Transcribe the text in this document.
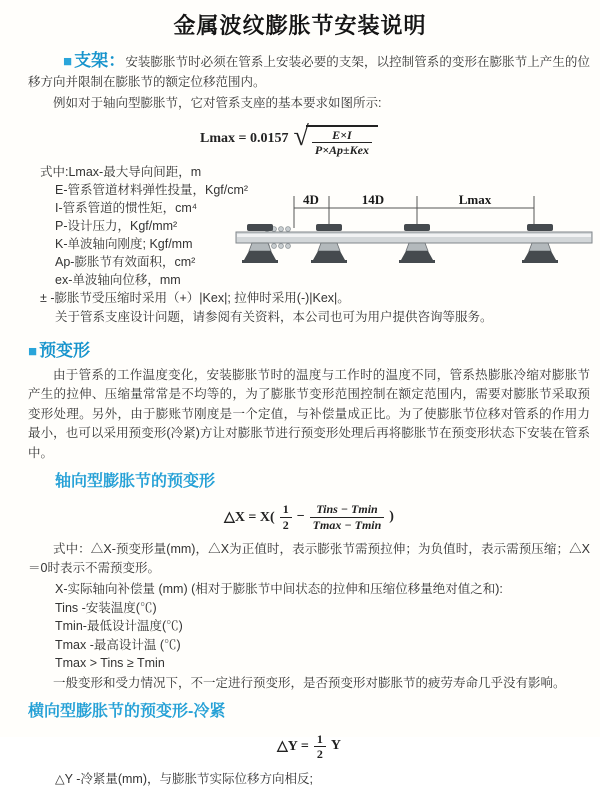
金属波纹膨胀节安装说明

■ 支架：安装膨胀节时必须在管系上安装必要的支架，以控制管系的变形在膨胀节上产生的位移方向并限制在膨胀节的额定位移范围内。

例如对于轴向型膨胀节，它对管系支座的基本要求如图所示:

Lmax = 0.0157 √ $\frac{E\times I}{\text{P×Ap±Kex}}$
式中:Lmax-最大导向间距，m
E-管系管道材料弹性投量，Kgf/cm²
I-管系管道的惯性矩，cm⁴
P-设计压力，Kgf/mm²
K-单波轴向刚度; Kgf/mm
Ap-膨胀节有效面积，cm²
ex-单波轴向位移，mm
± -膨胀节受压缩时采用（+）|Kex|; 拉伸时采用(-)|Kex|。
关于管系支座设计问题，请参阅有关资料，本公司也可为用户提供咨询等服务。
■ 预变形

由于管系的工作温度变化，安装膨胀节时的温度与工作时的温度不同，管系热膨胀冷缩对膨胀节产生的拉伸、压缩量常常是不均等的，为了膨胀节变形范围控制在额定范围内，需要对膨胀节采取预变形处理。另外，由于膨账节刚度是一个定值，与补偿量成正比。为了使膨胀节位移对管系的作用力最小，也可以采用预变形(冷紧)方让对膨胀节进行预变形处理后再将膨胀节在预变形状态下安装在管系中。

轴向型膨胀节的预变形
△X = $X( \frac{1}{2} - \frac{\text{Tins − Tmin}}{Tmax - Tmin}$ )

式中：△X-预变形量(mm)，△X为正值时，表示膨张节需预拉伸；为负值时，表示需预压缩；△X＝0时表示不需预变形。

X-实际轴向补偿量 (mm) (相对于膨胀节中间状态的拉伸和压缩位移量绝对值之和):
Tins -安装温度(℃)
Tmin-最低设计温度(℃)
Tmax -最高设计温 (℃)
Tmax > Tins ≥ Tmin

一般变形和受力情况下，不一定进行预变形，是否预变形对膨胀节的疲劳寿命几乎没有影响。

横向型膨胀节的预变形-冷紧
△Y = $\frac{1}{2}$ Y
△Y -冷紧量(mm)，与膨胀节实际位移方向相反;
4D	14D	Lmax
